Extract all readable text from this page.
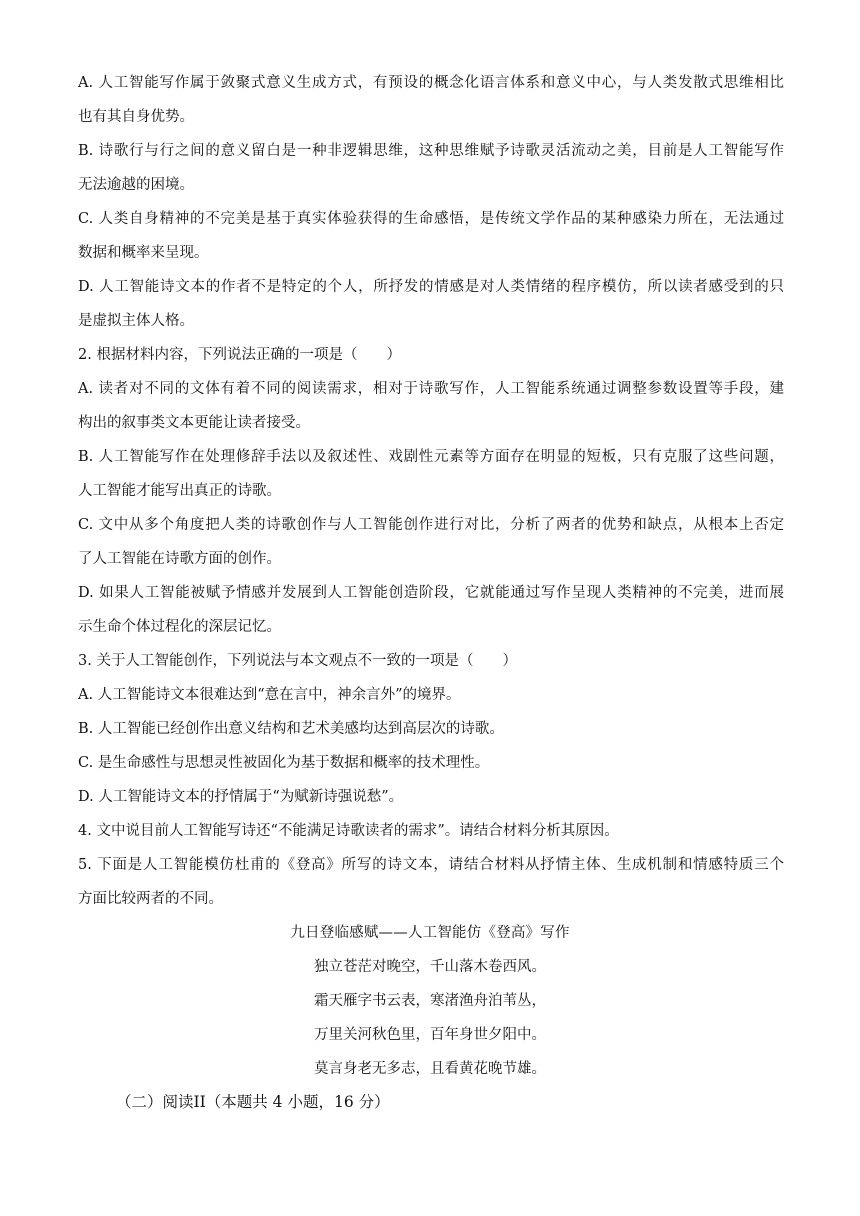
A. 人工智能写作属于敛聚式意义生成方式，有预设的概念化语言体系和意义中心，与人类发散式思维相比
也有其自身优势。
B. 诗歌行与行之间的意义留白是一种非逻辑思维，这种思维赋予诗歌灵活流动之美，目前是人工智能写作
无法逾越的困境。
C. 人类自身精神的不完美是基于真实体验获得的生命感悟，是传统文学作品的某种感染力所在，无法通过
数据和概率来呈现。
D. 人工智能诗文本的作者不是特定的个人，所抒发的情感是对人类情绪的程序模仿，所以读者感受到的只
是虚拟主体人格。
2. 根据材料内容，下列说法正确的一项是（　　）
A. 读者对不同的文体有着不同的阅读需求，相对于诗歌写作，人工智能系统通过调整参数设置等手段，建
构出的叙事类文本更能让读者接受。
B. 人工智能写作在处理修辞手法以及叙述性、戏剧性元素等方面存在明显的短板，只有克服了这些问题，
人工智能才能写出真正的诗歌。
C. 文中从多个角度把人类的诗歌创作与人工智能创作进行对比，分析了两者的优势和缺点，从根本上否定
了人工智能在诗歌方面的创作。
D. 如果人工智能被赋予情感并发展到人工智能创造阶段，它就能通过写作呈现人类精神的不完美，进而展
示生命个体过程化的深层记忆。
3. 关于人工智能创作，下列说法与本文观点不一致的一项是（　　）
A. 人工智能诗文本很难达到“意在言中，神余言外”的境界。
B. 人工智能已经创作出意义结构和艺术美感均达到高层次的诗歌。
C. 是生命感性与思想灵性被固化为基于数据和概率的技术理性。
D. 人工智能诗文本的抒情属于“为赋新诗强说愁”。
4. 文中说目前人工智能写诗还“不能满足诗歌读者的需求”。请结合材料分析其原因。
5. 下面是人工智能模仿杜甫的《登高》所写的诗文本，请结合材料从抒情主体、生成机制和情感特质三个
方面比较两者的不同。
九日登临感赋——人工智能仿《登高》写作
独立苍茫对晚空，千山落木卷西风。
霜天雁字书云表，寒渚渔舟泊苇丛，
万里关河秋色里，百年身世夕阳中。
莫言身老无多志，且看黄花晚节雄。
（二）阅读II（本题共 4 小题，16 分）
